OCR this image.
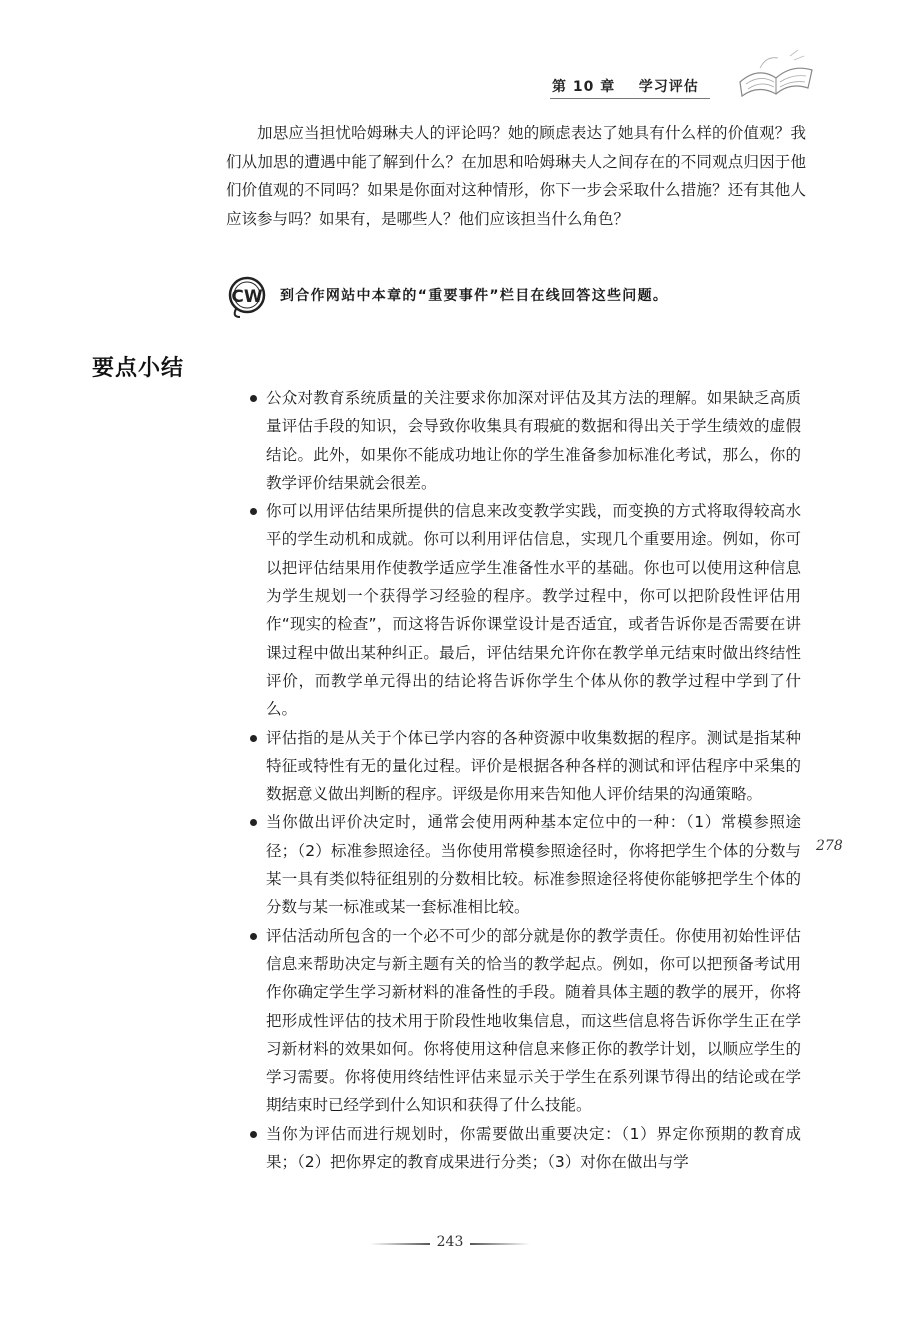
第 10 章 学习评估

加思应当担忧哈姆琳夫人的评论吗？她的顾虑表达了她具有什么样的价值观？我们从加思的遭遇中能了解到什么？在加思和哈姆琳夫人之间存在的不同观点归因于他们价值观的不同吗？如果是你面对这种情形，你下一步会采取什么措施？还有其他人应该参与吗？如果有，是哪些人？他们应该担当什么角色？

CW 到合作网站中本章的“重要事件”栏目在线回答这些问题。
要点小结
公众对教育系统质量的关注要求你加深对评估及其方法的理解。如果缺乏高质量评估手段的知识，会导致你收集具有瑕疵的数据和得出关于学生绩效的虚假结论。此外，如果你不能成功地让你的学生准备参加标准化考试，那么，你的教学评价结果就会很差。
你可以用评估结果所提供的信息来改变教学实践，而变换的方式将取得较高水平的学生动机和成就。你可以利用评估信息，实现几个重要用途。例如，你可以把评估结果用作使教学适应学生准备性水平的基础。你也可以使用这种信息为学生规划一个获得学习经验的程序。教学过程中，你可以把阶段性评估用作“现实的检查”，而这将告诉你课堂设计是否适宜，或者告诉你是否需要在讲课过程中做出某种纠正。最后，评估结果允许你在教学单元结束时做出终结性评价，而教学单元得出的结论将告诉你学生个体从你的教学过程中学到了什么。
评估指的是从关于个体已学内容的各种资源中收集数据的程序。测试是指某种特征或特性有无的量化过程。评价是根据各种各样的测试和评估程序中采集的数据意义做出判断的程序。评级是你用来告知他人评价结果的沟通策略。
当你做出评价决定时，通常会使用两种基本定位中的一种：（1）常模参照途径；（2）标准参照途径。当你使用常模参照途径时，你将把学生个体的分数与某一具有类似特征组别的分数相比较。标准参照途径将使你能够把学生个体的分数与某一标准或某一套标准相比较。
评估活动所包含的一个必不可少的部分就是你的教学责任。你使用初始性评估信息来帮助决定与新主题有关的恰当的教学起点。例如，你可以把预备考试用作你确定学生学习新材料的准备性的手段。随着具体主题的教学的展开，你将把形成性评估的技术用于阶段性地收集信息，而这些信息将告诉你学生正在学习新材料的效果如何。你将使用这种信息来修正你的教学计划，以顺应学生的学习需要。你将使用终结性评估来显示关于学生在系列课节得出的结论或在学期结束时已经学到什么知识和获得了什么技能。
当你为评估而进行规划时，你需要做出重要决定：（1）界定你预期的教育成果；（2）把你界定的教育成果进行分类；（3）对你在做出与学
278
243
